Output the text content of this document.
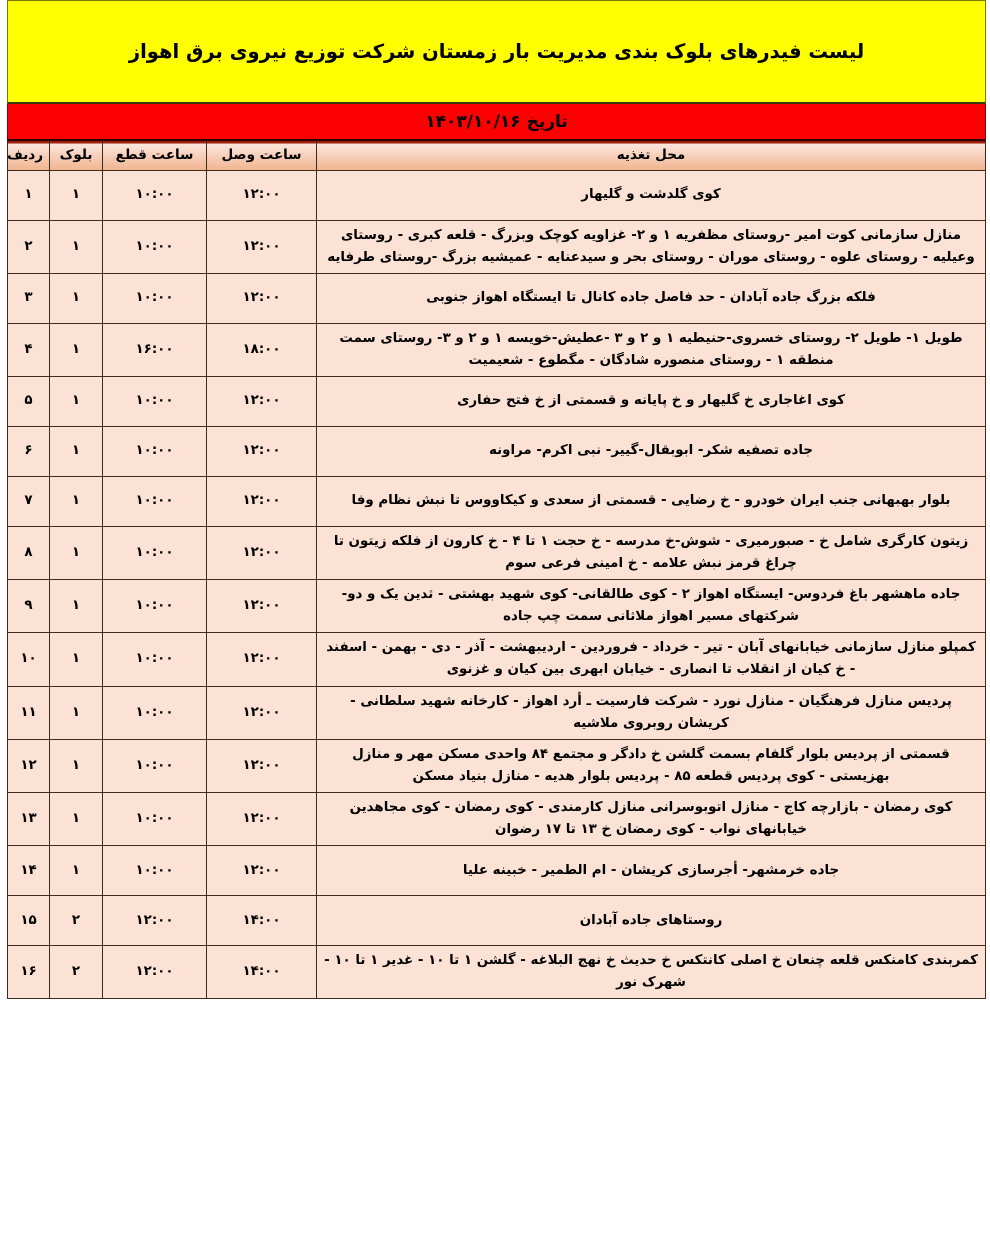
لیست فیدرهای بلوک بندی مدیریت بار زمستان شرکت توزیع نیروی برق اهواز
تاریخ ۱۴۰۳/۱۰/۱۶
محل تغذیه	ساعت وصل	ساعت قطع	بلوک	ردیف
کوی گلدشت و گلیهار	۱۲:۰۰	۱۰:۰۰	۱	۱
منازل سازمانی کوت امیر -روستای مظفریه ۱ و ۲- غزاویه کوچک وبزرگ - قلعه کبری - روستای وعیلیه - روستای علوه - روستای موران - روستای بحر و سیدعنایه - عمیشیه بزرگ -روستای طرفایه	۱۲:۰۰	۱۰:۰۰	۱	۲
فلکه بزرگ جاده آبادان - حد فاصل جاده کانال تا ایستگاه اهواز جنوبی	۱۲:۰۰	۱۰:۰۰	۱	۳
طویل ۱- طویل ۲- روستای خسروی-حنیطیه ۱ و ۲ و ۳ -عطیش-خویسه ۱ و ۲ و ۳- روستای سمت منطقه ۱ - روستای منصوره شادگان - مگطوع - شعیمیت	۱۸:۰۰	۱۶:۰۰	۱	۴
کوی اغاجاری خ گلیهار و خ پایانه و قسمتی از خ فتح حفاری	۱۲:۰۰	۱۰:۰۰	۱	۵
جاده تصفیه شکر- ابوبقال-گییر- نبی اکرم- مراونه	۱۲:۰۰	۱۰:۰۰	۱	۶
بلوار بهبهانی جنب ایران خودرو - خ رضایی - قسمتی از سعدی و کیکاووس تا نبش نظام وفا	۱۲:۰۰	۱۰:۰۰	۱	۷
زیتون کارگری شامل خ - صبورمیری - شوش-خ مدرسه - خ حجت ۱ تا ۴ - خ کارون از فلکه زیتون تا چراغ قرمز نبش علامه - خ امینی فرعی سوم	۱۲:۰۰	۱۰:۰۰	۱	۸
جاده ماهشهر باغ فردوس- ایستگاه اهواز ۲ - کوی طالقانی- کوی شهید بهشتی - ثدین یک و دو- شرکتهای مسیر اهواز ملاثانی سمت چپ جاده	۱۲:۰۰	۱۰:۰۰	۱	۹
کمپلو منازل سازمانی خیابانهای آبان - تیر - خرداد - فروردین - اردیبهشت - آذر - دی - بهمن - اسفند - خ کیان از انقلاب تا انصاری - خیابان ابهری بین کیان و غزنوی	۱۲:۰۰	۱۰:۰۰	۱	۱۰
پردیس منازل فرهنگیان - منازل نورد - شرکت فارسیت ـ أرد اهواز - کارخانه شهید سلطانی - کریشان روبروی ملاشیه	۱۲:۰۰	۱۰:۰۰	۱	۱۱
قسمتی از پردیس بلوار گلفام بسمت گلشن خ دادگر و مجتمع ۸۴ واحدی مسکن مهر و منازل بهزیستی - کوی پردیس قطعه ۸۵ - پردیس بلوار هدیه - منازل بنیاد مسکن	۱۲:۰۰	۱۰:۰۰	۱	۱۲
کوی رمضان - بازارچه کاج - منازل اتوبوسرانی منازل کارمندی - کوی رمضان - کوی مجاهدین خیابانهای نواب - کوی رمضان خ ۱۳ تا ۱۷ رضوان	۱۲:۰۰	۱۰:۰۰	۱	۱۳
جاده خرمشهر- أجرسازی کریشان - ام الطمیر - خبینه علیا	۱۲:۰۰	۱۰:۰۰	۱	۱۴
روستاهای جاده آبادان	۱۴:۰۰	۱۲:۰۰	۲	۱۵
کمربندی کامنکس قلعه چنعان خ اصلی کانتکس خ حدیث خ نهج البلاغه - گلشن ۱ تا ۱۰ - غدیر ۱ تا ۱۰ - شهرک نور	۱۴:۰۰	۱۲:۰۰	۲	۱۶
